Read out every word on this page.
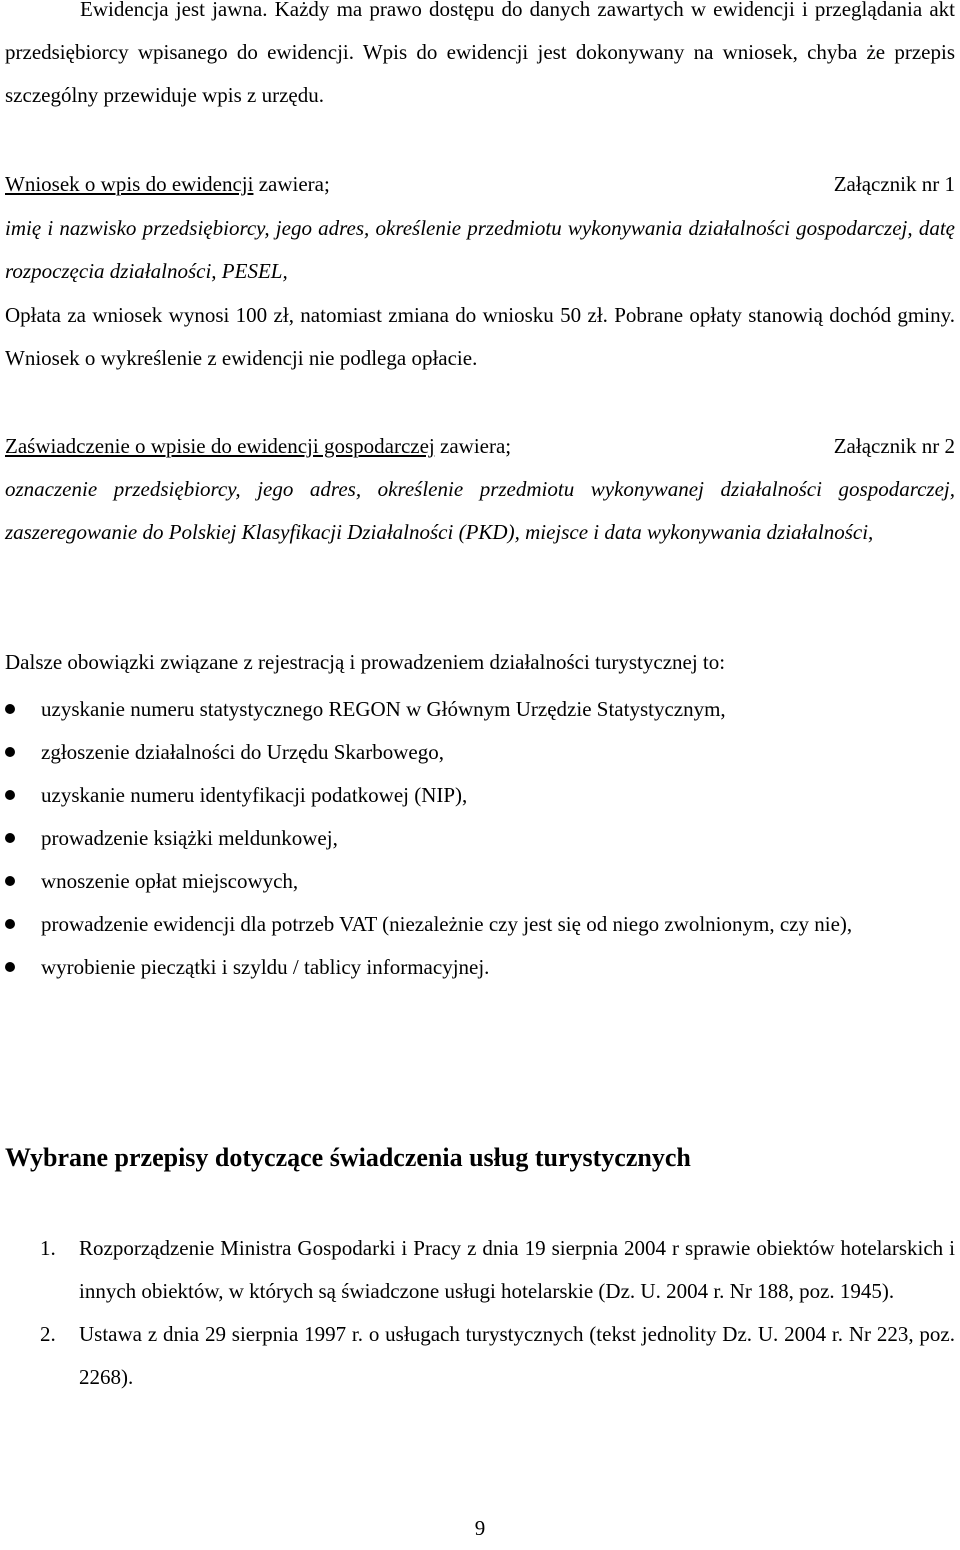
Ewidencja jest jawna. Każdy ma prawo dostępu do danych zawartych w ewidencji i przeglądania akt przedsiębiorcy wpisanego do ewidencji. Wpis do ewidencji jest dokonywany na wniosek, chyba że przepis szczególny przewiduje wpis z urzędu.
Wniosek o wpis do ewidencji zawiera;	Załącznik nr 1
imię i nazwisko przedsiębiorcy, jego adres, określenie przedmiotu wykonywania działalności gospodarczej, datę rozpoczęcia działalności, PESEL,
Opłata za wniosek wynosi 100 zł, natomiast zmiana do wniosku 50 zł. Pobrane opłaty stanowią dochód gminy. Wniosek o wykreślenie z ewidencji nie podlega opłacie.
Zaświadczenie o wpisie do ewidencji gospodarczej zawiera;	Załącznik nr 2
oznaczenie przedsiębiorcy, jego adres, określenie przedmiotu wykonywanej działalności gospodarczej, zaszeregowanie do Polskiej Klasyfikacji Działalności (PKD), miejsce i data wykonywania działalności,
Dalsze obowiązki związane z rejestracją i prowadzeniem działalności turystycznej to:
uzyskanie numeru statystycznego REGON w Głównym Urzędzie Statystycznym,
zgłoszenie działalności do Urzędu Skarbowego,
uzyskanie numeru identyfikacji podatkowej (NIP),
prowadzenie książki meldunkowej,
wnoszenie opłat miejscowych,
prowadzenie ewidencji dla potrzeb VAT (niezależnie czy jest się od niego zwolnionym, czy nie),
wyrobienie pieczątki i szyldu / tablicy informacyjnej.
Wybrane przepisy dotyczące świadczenia usług turystycznych
1. Rozporządzenie Ministra Gospodarki i Pracy z dnia 19 sierpnia 2004 r sprawie obiektów hotelarskich i innych obiektów, w których są świadczone usługi hotelarskie (Dz. U. 2004 r. Nr 188, poz. 1945).
2. Ustawa z dnia 29 sierpnia 1997 r. o usługach turystycznych (tekst jednolity Dz. U. 2004 r. Nr 223, poz. 2268).
9
